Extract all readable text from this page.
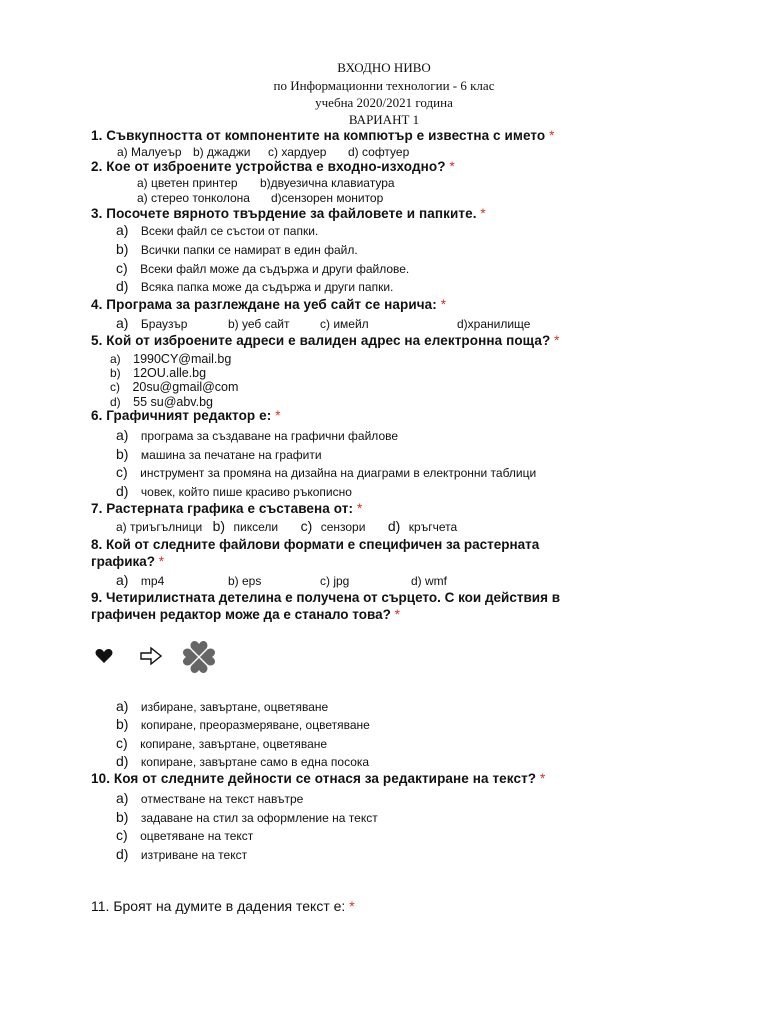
ВХОДНО НИВО
по Информационни технологии - 6 клас
учебна 2020/2021 година
ВАРИАНТ 1
1. Съвкупността от компонентите на компютър е известна с името *
a) Малуеър b) джаджи c) хардуер d) софтуер
2. Кое от изброените устройства е входно-изходно? *
a) цветен принтер b)двуезична клавиатура
a) стерео тонколона d)сензорен монитор
3. Посочете вярното твърдение за файловете и папките. *
a) Всеки файл се състои от папки.
b) Всички папки се намират в един файл.
c) Всеки файл може да съдържа и други файлове.
d) Всяка папка може да съдържа и други папки.
4. Програма за разглеждане на уеб сайт се нарича: *
a) Браузър	b) уеб сайт	c) имейл	d)хранилище
5. Кой от изброените адреси е валиден адрес на електронна поща? *
a) 1990CY@mail.bg
b) 12OU.alle.bg
c) 20su@gmail@com
d) 55 su@abv.bg
6. Графичният редактор е: *
a) програма за създаване на графични файлове
b) машина за печатане на графити
c) инструмент за промяна на дизайна на диаграми в електронни таблици
d) човек, който пише красиво ръкописно
7. Растерната графика е съставена от: *
a) триъгълници b) пиксели c) сензори d) кръгчета
8. Кой от следните файлови формати е специфичен за растерната
графика? *
a) mp4	b) eps	c) jpg	d) wmf
9. Четирилистната детелина е получена от сърцето. С кои действия в
графичен редактор може да е станало това? *
a) избиране, завъртане, оцветяване
b) копиране, преоразмеряване, оцветяване
c) копиране, завъртане, оцветяване
d) копиране, завъртане само в една посока
10. Коя от следните дейности се отнася за редактиране на текст? *
a) отместване на текст навътре
b) задаване на стил за оформление на текст
c) оцветяване на текст
d) изтриване на текст
11. Броят на думите в дадения текст е: *
